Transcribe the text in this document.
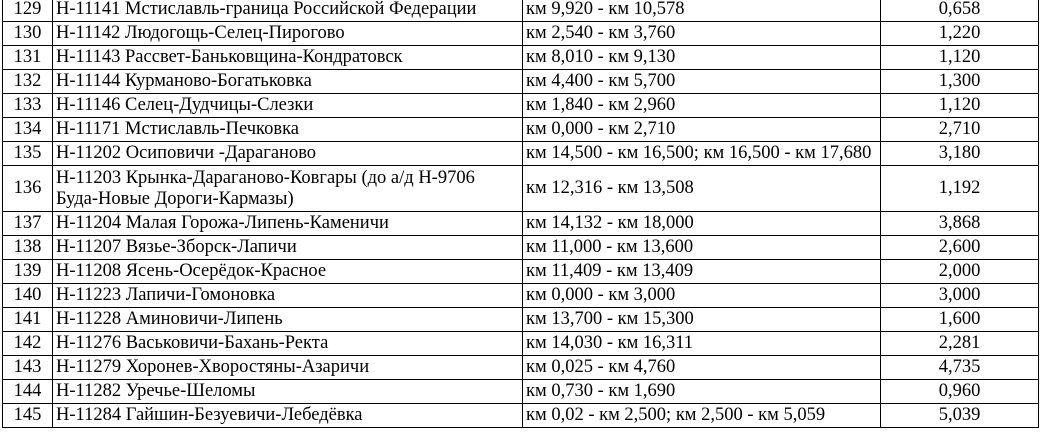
129	Н-11141 Мстиславль-граница Российской Федерации	км 9,920 - км 10,578	0,658
130	Н-11142 Людогощь-Селец-Пирогово	км 2,540 - км 3,760	1,220
131	Н-11143 Рассвет-Баньковщина-Кондратовск	км 8,010 - км 9,130	1,120
132	Н-11144 Курманово-Богатьковка	км 4,400 - км 5,700	1,300
133	Н-11146 Селец-Дудчицы-Слезки	км 1,840 - км 2,960	1,120
134	Н-11171 Мстиславль-Печковка	км 0,000 - км 2,710	2,710
135	Н-11202 Осиповичи -Дараганово	км 14,500 - км 16,500; км 16,500 - км 17,680	3,180
136	Н-11203 Крынка-Дараганово-Ковгары (до а/д Н-9706 Буда-Новые Дороги-Кармазы)	км 12,316 - км 13,508	1,192
137	Н-11204 Малая Горожа-Липень-Каменичи	км 14,132 - км 18,000	3,868
138	Н-11207 Вязье-Зборск-Лапичи	км 11,000 - км 13,600	2,600
139	Н-11208 Ясень-Осерёдок-Красное	км 11,409 - км 13,409	2,000
140	Н-11223 Лапичи-Гомоновка	км 0,000 - км 3,000	3,000
141	Н-11228 Аминовичи-Липень	км 13,700 - км 15,300	1,600
142	Н-11276 Васьковичи-Бахань-Ректа	км 14,030 - км 16,311	2,281
143	Н-11279 Хоронев-Хворостяны-Азаричи	км 0,025 - км 4,760	4,735
144	Н-11282 Уречье-Шеломы	км 0,730 - км 1,690	0,960
145	Н-11284 Гайшин-Безуевичи-Лебедёвка	км 0,02 - км 2,500; км 2,500 - км 5,059	5,039
